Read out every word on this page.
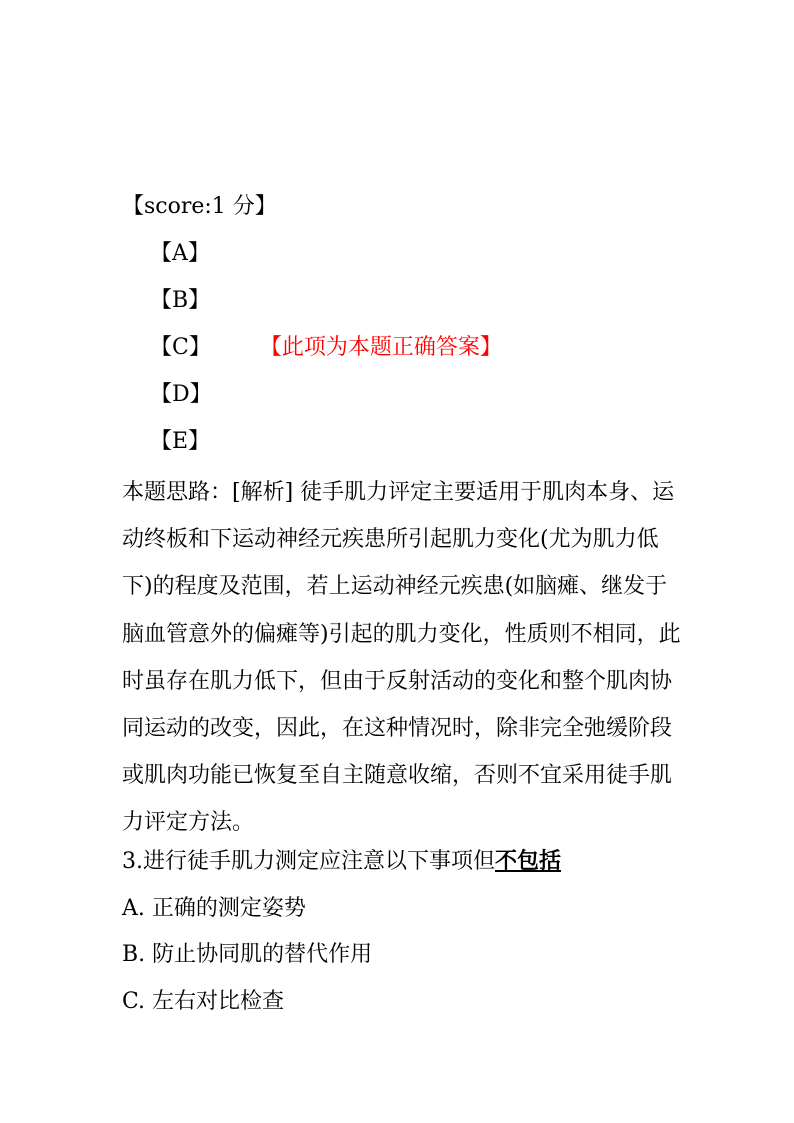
【score:1 分】
【A】
【B】
【C】 【此项为本题正确答案】
【D】
【E】
本题思路：[解析] 徒手肌力评定主要适用于肌肉本身、运动终板和下运动神经元疾患所引起肌力变化(尤为肌力低下)的程度及范围，若上运动神经元疾患(如脑瘫、继发于脑血管意外的偏瘫等)引起的肌力变化，性质则不相同，此时虽存在肌力低下，但由于反射活动的变化和整个肌肉协同运动的改变，因此，在这种情况时，除非完全弛缓阶段或肌肉功能已恢复至自主随意收缩，否则不宜采用徒手肌力评定方法。
3.进行徒手肌力测定应注意以下事项但不包括
A. 正确的测定姿势
B. 防止协同肌的替代作用
C. 左右对比检查
